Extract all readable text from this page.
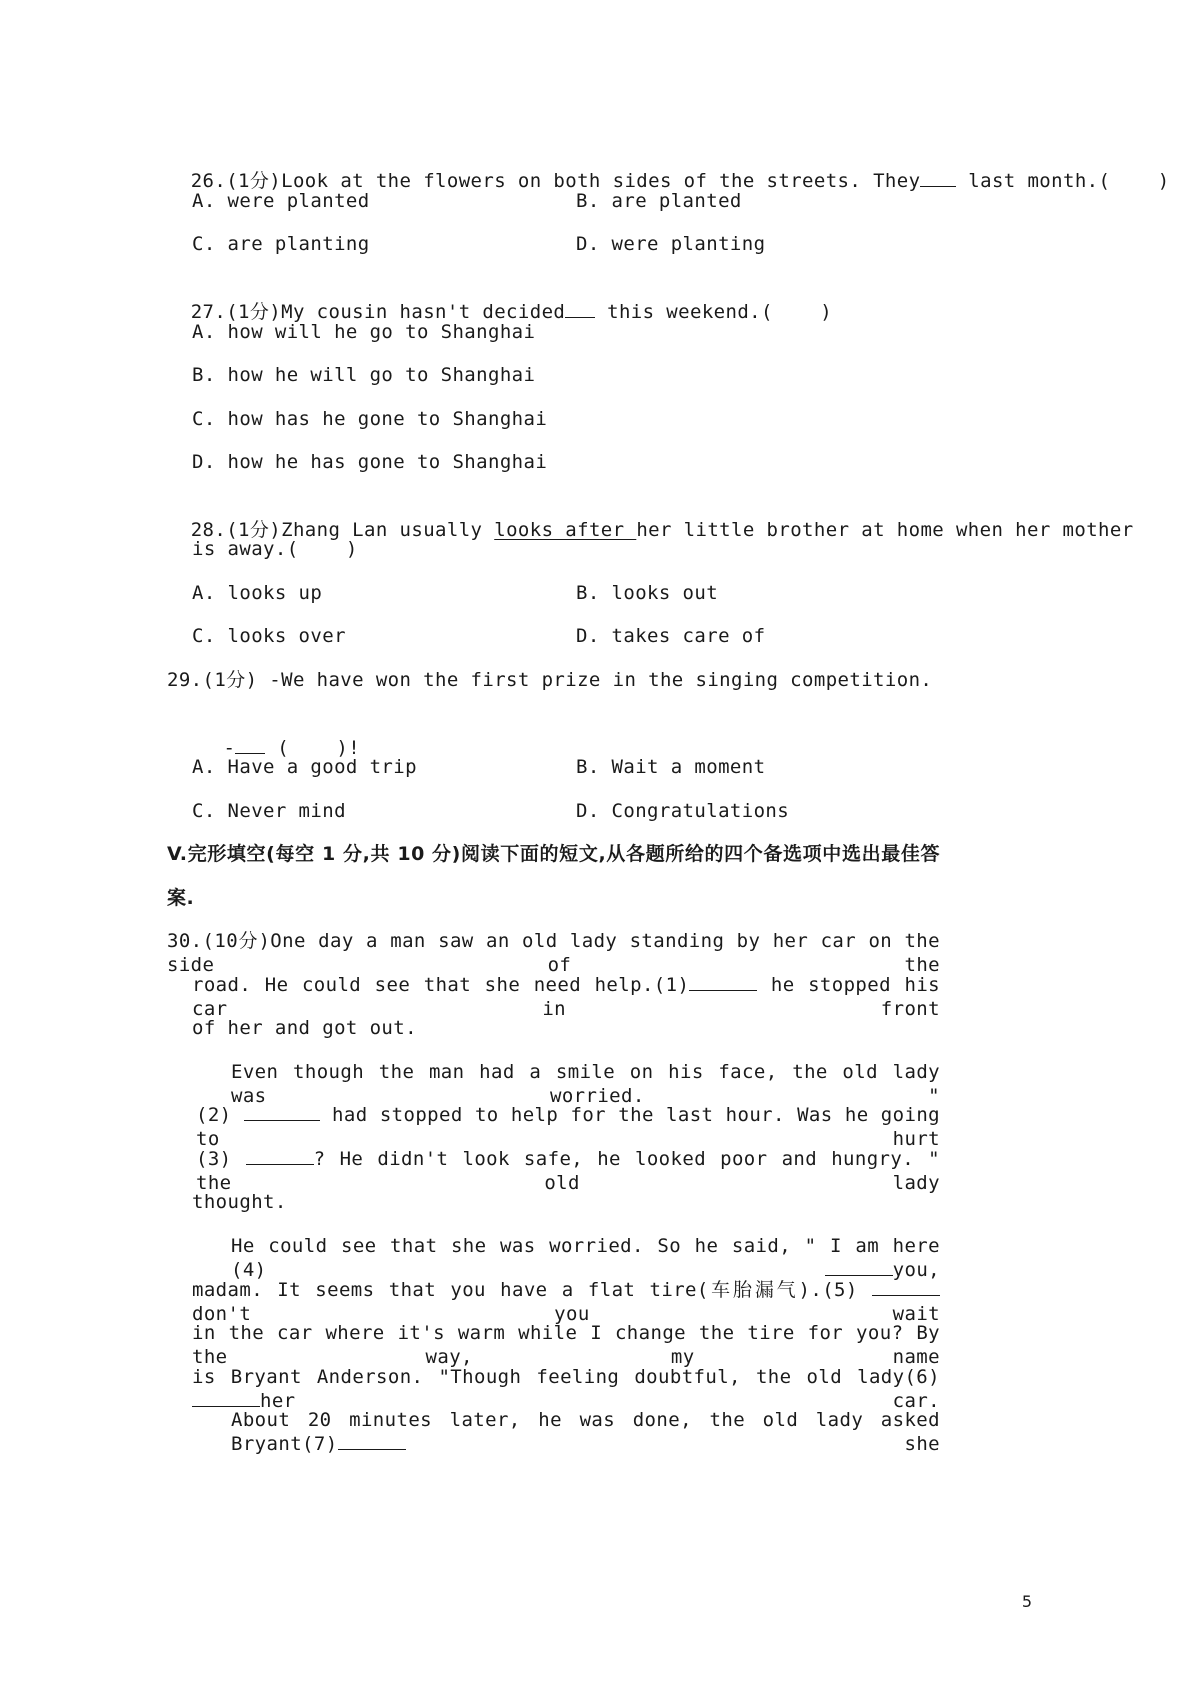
26.(1分)Look at the flowers on both sides of the streets. They last month.(    )

A. were planted	B. are planted
C. are planting	D. were planting

27.(1分)My cousin hasn't decided this weekend.(    )

A. how will he go to Shanghai
B. how he will go to Shanghai
C. how has he gone to Shanghai
D. how he has gone to Shanghai

28.(1分)Zhang Lan usually looks after her little brother at home when her mother

is away.(    )
A. looks up	B. looks out
C. looks over	D. takes care of
29.(1分) -We have won the first prize in the singing competition.

- (    )!

A. Have a good trip	B. Wait a moment
C. Never mind	D. Congratulations
V.完形填空(每空 1 分,共 10 分)阅读下面的短文,从各题所给的四个备选项中选出最佳答
案.
30.(10分)One day a man saw an old lady standing by her car on the side of the
road. He could see that she need help.(1)	he stopped his car in front
of her and got out.
Even though the man had a smile on his face, the old lady was worried. "
(2)	had stopped to help for the last hour. Was he going to hurt
(3)	? He didn't look safe, he looked poor and hungry. " the old lady
thought.
He could see that she was worried. So he said, " I am here (4)	you,
madam. It seems that you have a flat tire(车胎漏气).(5) don't you wait
in the car where it's warm while I change the tire for you? By the way, my name
is Bryant Anderson. "Though feeling doubtful, the old lady(6) her car.
About 20 minutes later, he was done, the old lady asked Bryant(7)	she
5
